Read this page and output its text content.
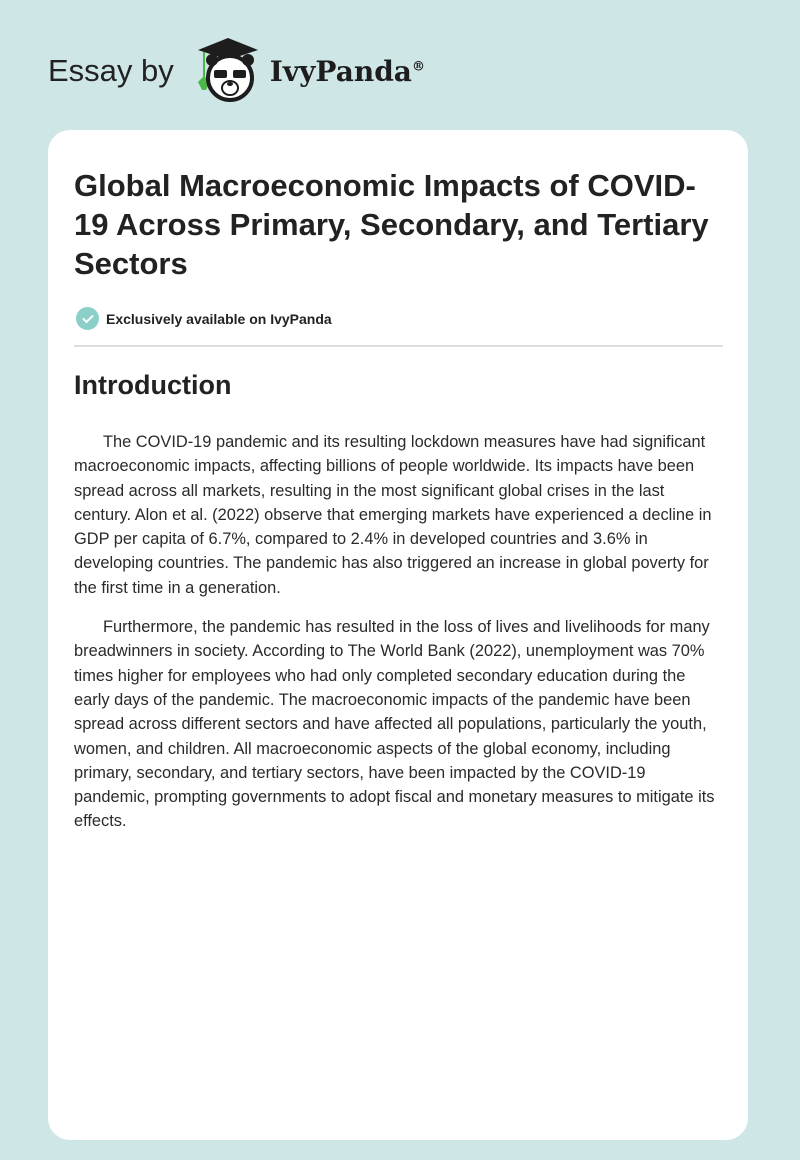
Essay by	IvyPanda®
Global Macroeconomic Impacts of COVID-19 Across Primary, Secondary, and Tertiary Sectors
Exclusively available on IvyPanda
Introduction

The COVID-19 pandemic and its resulting lockdown measures have had significant macroeconomic impacts, affecting billions of people worldwide. Its impacts have been spread across all markets, resulting in the most significant global crises in the last century. Alon et al. (2022) observe that emerging markets have experienced a decline in GDP per capita of 6.7%, compared to 2.4% in developed countries and 3.6% in developing countries. The pandemic has also triggered an increase in global poverty for the first time in a generation.

Furthermore, the pandemic has resulted in the loss of lives and livelihoods for many breadwinners in society. According to The World Bank (2022), unemployment was 70% times higher for employees who had only completed secondary education during the early days of the pandemic. The macroeconomic impacts of the pandemic have been spread across different sectors and have affected all populations, particularly the youth, women, and children. All macroeconomic aspects of the global economy, including primary, secondary, and tertiary sectors, have been impacted by the COVID-19 pandemic, prompting governments to adopt fiscal and monetary measures to mitigate its effects.
